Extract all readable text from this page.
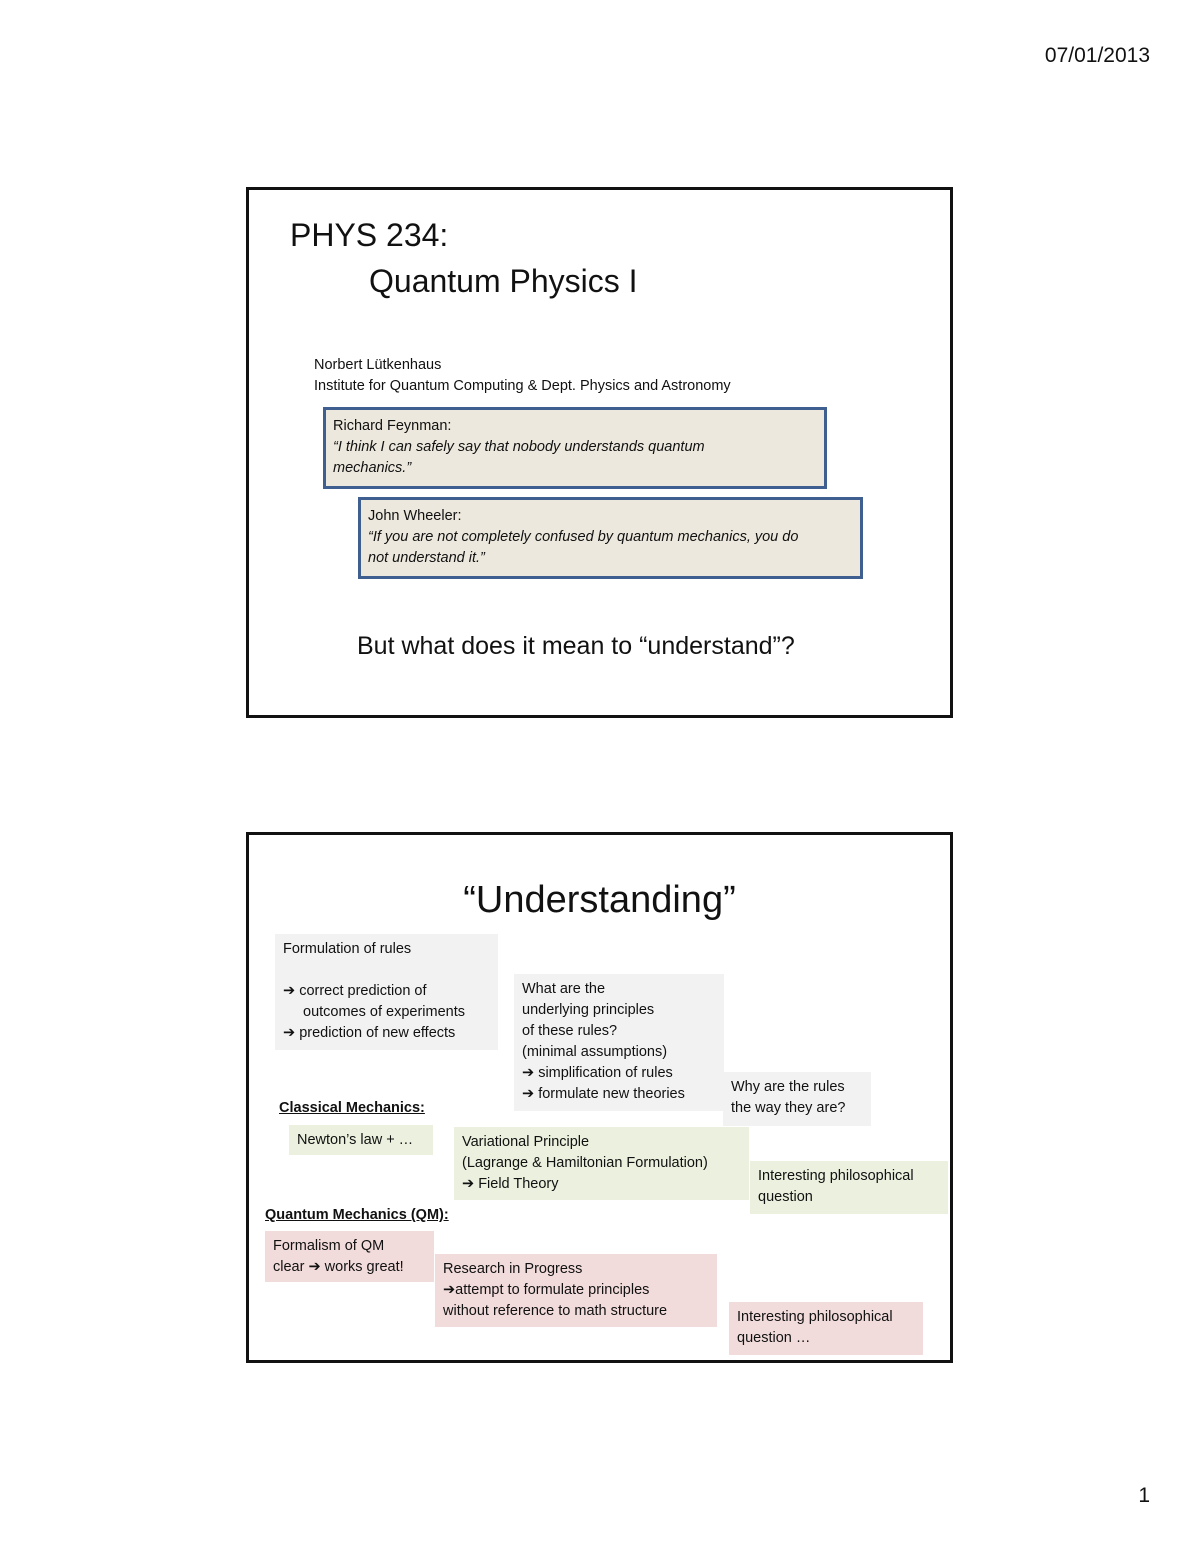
07/01/2013
PHYS 234:
Quantum Physics I
Norbert Lütkenhaus
Institute for Quantum Computing & Dept. Physics and Astronomy
Richard Feynman:
“I think I can safely say that nobody understands quantum
mechanics.”
John Wheeler:
“If you are not completely confused by quantum mechanics, you do
not understand it.”
But what does it mean to “understand”?
“Understanding”
Formulation of rules
➔ correct prediction of
outcomes of experiments
➔ prediction of new effects
What are the
underlying principles
of these rules?
(minimal assumptions)
➔ simplification of rules
➔ formulate new theories	Why are the rules
the way they are?
Classical Mechanics:
Newton’s law + …	Variational Principle
(Lagrange & Hamiltonian Formulation)
➔ Field Theory	Interesting philosophical
question
Quantum Mechanics (QM):
Formalism of QM
clear ➔ works great!	Research in Progress
➔attempt to formulate principles
without reference to math structure	Interesting philosophical
question …
1
